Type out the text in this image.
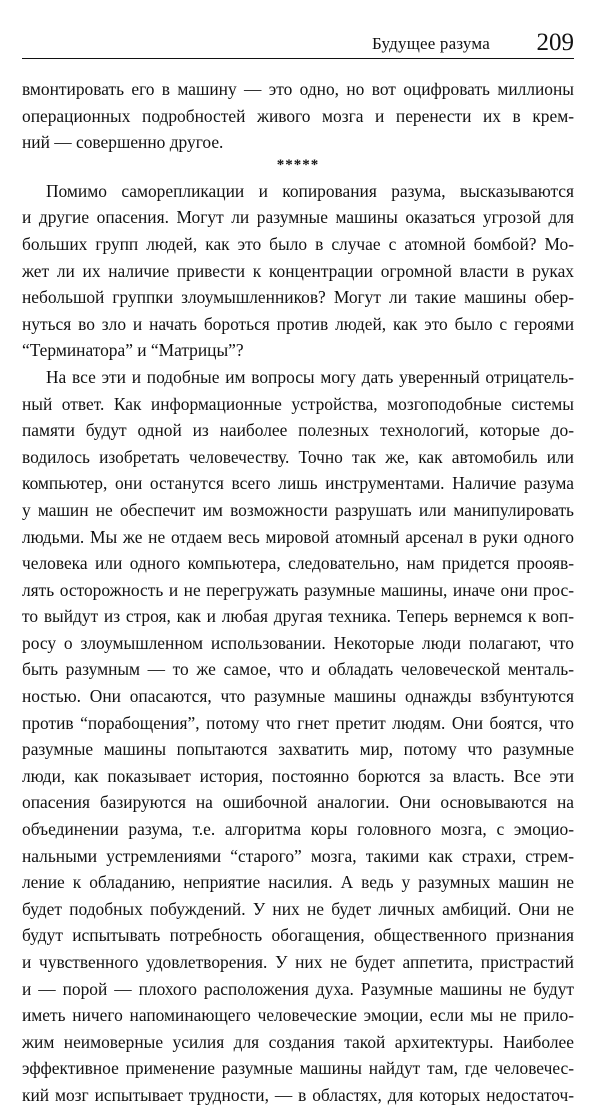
Будущее разума 209
вмонтировать его в машину — это одно, но вот оцифровать миллионы
операционных подробностей живого мозга и перенести их в крем-
ний — совершенно другое.
*****
Помимо саморепликации и копирования разума, высказываются
и другие опасения. Могут ли разумные машины оказаться угрозой для
больших групп людей, как это было в случае с атомной бомбой? Мо-
жет ли их наличие привести к концентрации огромной власти в руках
небольшой группки злоумышленников? Могут ли такие машины обер-
нуться во зло и начать бороться против людей, как это было с героями
“Терминатора” и “Матрицы”?
На все эти и подобные им вопросы могу дать уверенный отрицатель-
ный ответ. Как информационные устройства, мозгоподобные системы
памяти будут одной из наиболее полезных технологий, которые до-
водилось изобретать человечеству. Точно так же, как автомобиль или
компьютер, они останутся всего лишь инструментами. Наличие разума
у машин не обеспечит им возможности разрушать или манипулировать
людьми. Мы же не отдаем весь мировой атомный арсенал в руки одного
человека или одного компьютера, следовательно, нам придется проояв-
лять осторожность и не перегружать разумные машины, иначе они прос-
то выйдут из строя, как и любая другая техника. Теперь вернемся к воп-
росу о злоумышленном использовании. Некоторые люди полагают, что
быть разумным — то же самое, что и обладать человеческой менталь-
ностью. Они опасаются, что разумные машины однажды взбунтуются
против “порабощения”, потому что гнет претит людям. Они боятся, что
разумные машины попытаются захватить мир, потому что разумные
люди, как показывает история, постоянно борются за власть. Все эти
опасения базируются на ошибочной аналогии. Они основываются на
объединении разума, т.е. алгоритма коры головного мозга, с эмоцио-
нальными устремлениями “старого” мозга, такими как страхи, стрем-
ление к обладанию, неприятие насилия. А ведь у разумных машин не
будет подобных побуждений. У них не будет личных амбиций. Они не
будут испытывать потребность обогащения, общественного признания
и чувственного удовлетворения. У них не будет аппетита, пристрастий
и — порой — плохого расположения духа. Разумные машины не будут
иметь ничего напоминающего человеческие эмоции, если мы не прило-
жим неимоверные усилия для создания такой архитектуры. Наиболее
эффективное применение разумные машины найдут там, где человечес-
кий мозг испытывает трудности, — в областях, для которых недостаточ-
